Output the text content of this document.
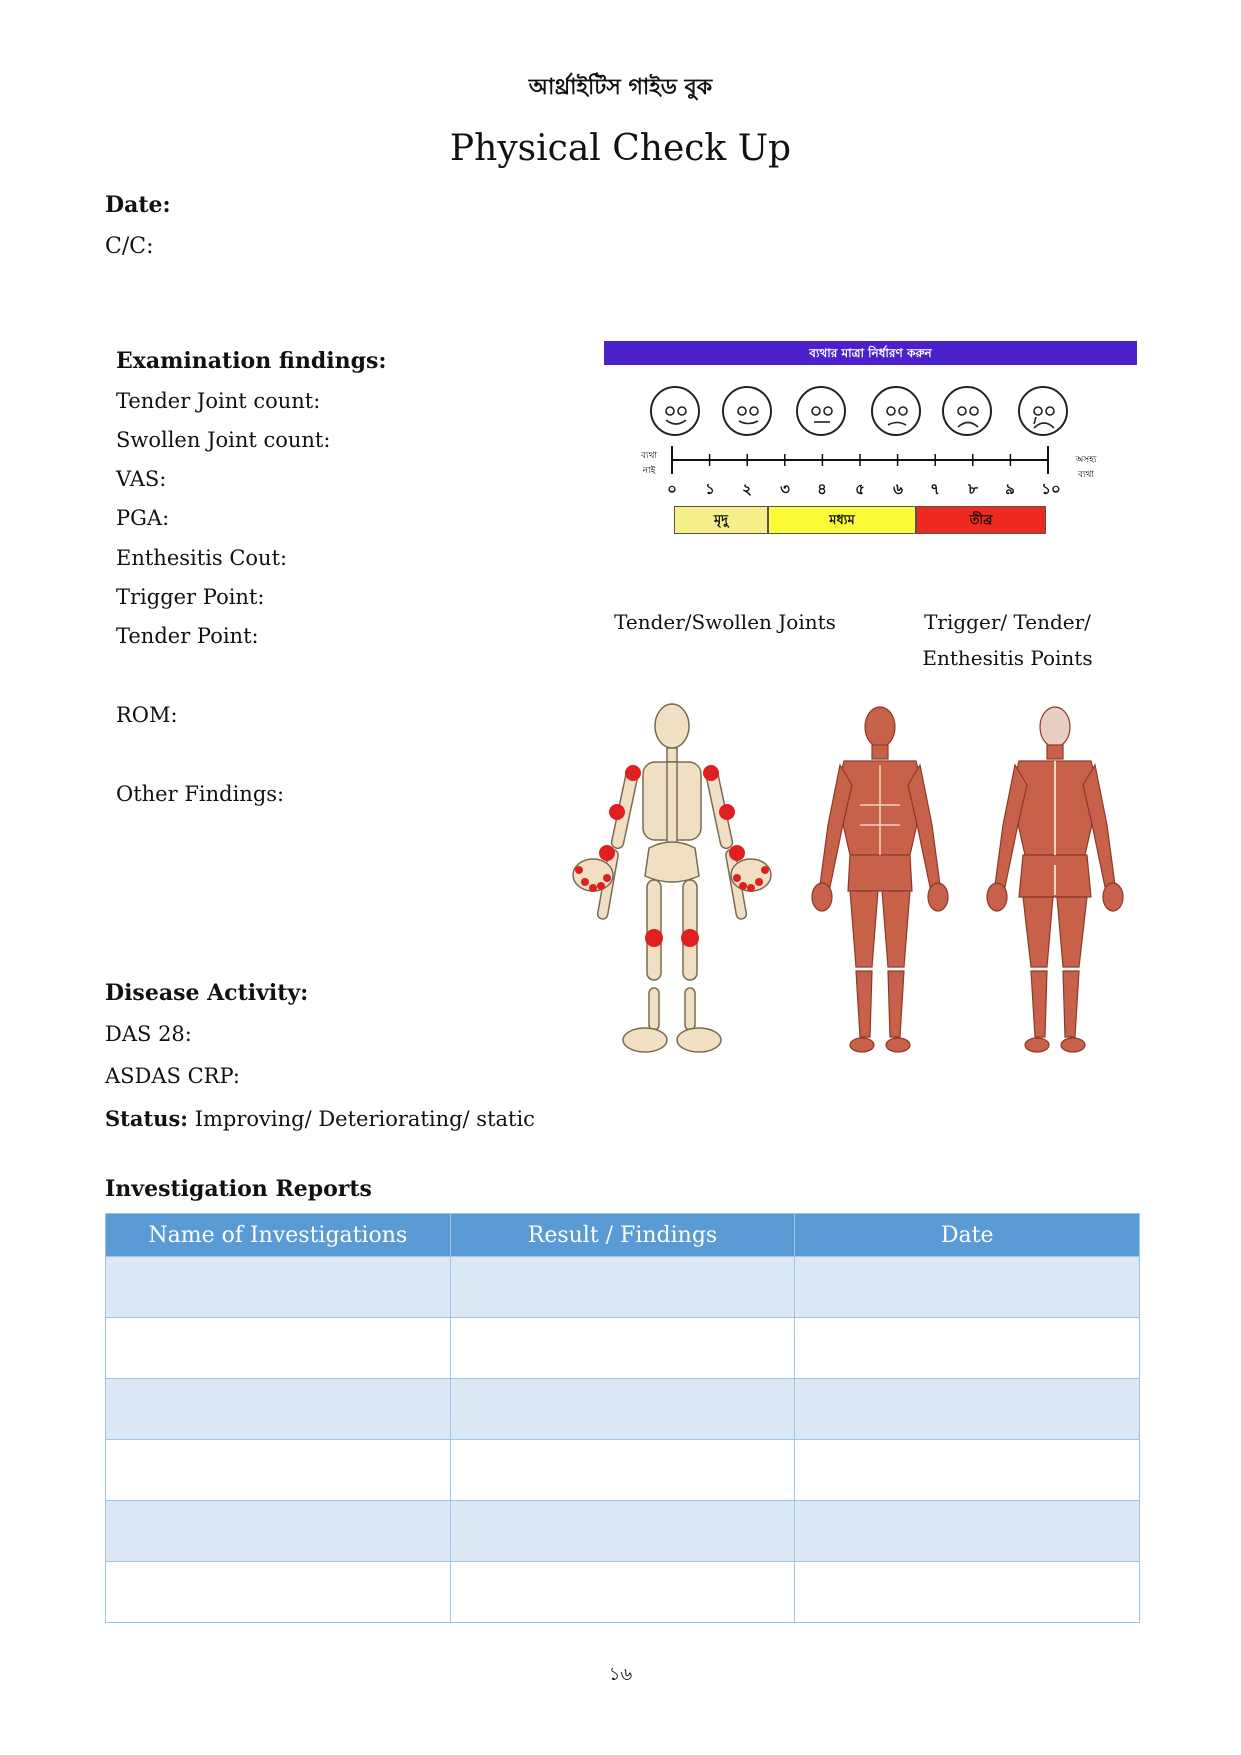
আর্থ্রাইটিস গাইড বুক
Physical Check Up
Date:
C/C:
Examination findings:
Tender Joint count:
Swollen Joint count:
VAS:
PGA:
Enthesitis Cout:
Trigger Point:
Tender Point:
ROM:
Other Findings:
ব্যথার মাত্রা নির্ধারণ করুন
ব্যথা নাই
অসহ্য ব্যথা
০	১	২	৩	৪	৫	৬	৭	৮	৯	১০
মৃদু	মধ্যম	তীব্র
Tender/Swollen Joints	Trigger/ Tender/
Enthesitis Points
Disease Activity:
DAS 28:
ASDAS CRP:
Status: Improving/ Deteriorating/ static
Investigation Reports
Name of Investigations	Result / Findings	Date

১৬
